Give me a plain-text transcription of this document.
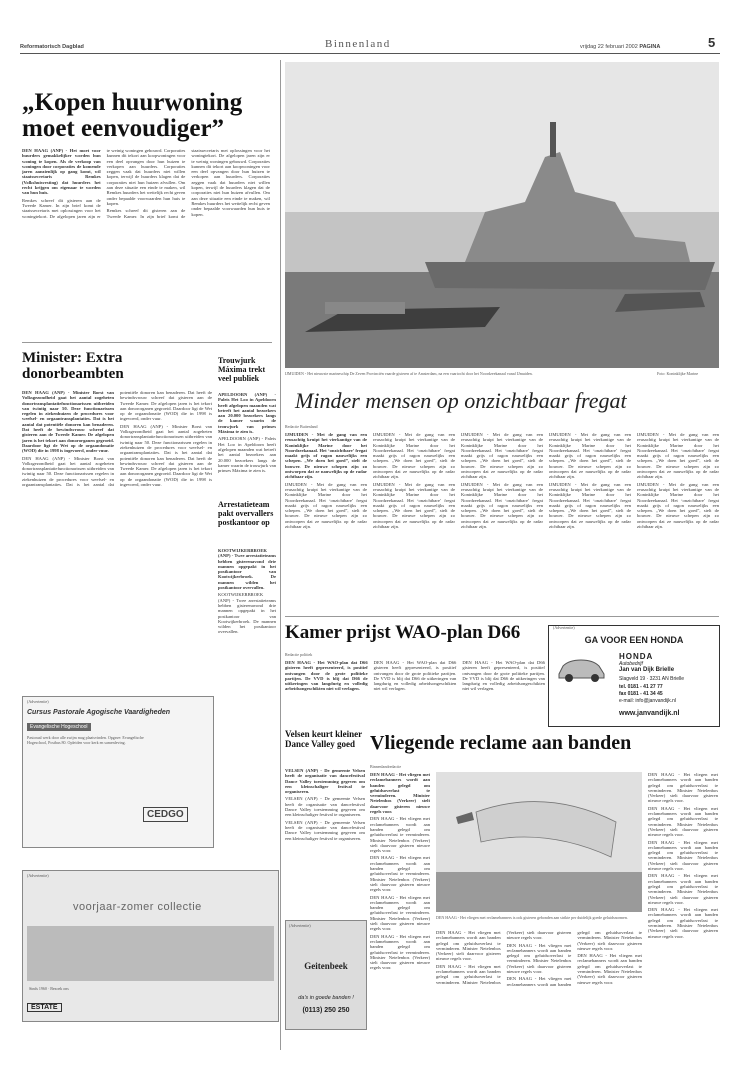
Reformatorisch Dagblad	Binnenland	vrijdag 22 februari 2002 PAGINA	5
„Kopen huurwoning moet eenvoudiger”

DEN HAAG (ANP) - Het moet voor huurders gemakkelijker worden hun woning te kopen. Als de verkoop van woningen door corporaties de komende jaren aanzienlijk op gang komt, wil staatssecretaris Remkes (Volkshuisvesting) dat huurders het recht krijgen om eigenaar te worden van hun huis.

Remkes schreef dit gisteren aan de Tweede Kamer. In zijn brief komt de staatssecretaris met oplossingen voor het woningtekort. De afgelopen jaren zijn er te weinig woningen gebouwd. Corporaties kunnen dit tekort aan koopwoningen voor een deel opvangen door hun huizen te verkopen aan huurders. Corporaties zeggen vaak dat huurders niet willen kopen, terwijl de huurders klagen dat de corporaties niet hun huizen afvullen. Om aan deze situatie een einde te maken, wil Remkes huurders het wettelijk recht geven onder bepaalde voorwaarden hun huis te kopen.

Remkes schreef dit gisteren aan de Tweede Kamer. In zijn brief komt de staatssecretaris met oplossingen voor het woningtekort. De afgelopen jaren zijn er te weinig woningen gebouwd. Corporaties kunnen dit tekort aan koopwoningen voor een deel opvangen door hun huizen te verkopen aan huurders. Corporaties zeggen vaak dat huurders niet willen kopen, terwijl de huurders klagen dat de corporaties niet hun huizen afvullen. Om aan deze situatie een einde te maken, wil Remkes huurders het wettelijk recht geven onder bepaalde voorwaarden hun huis te kopen.

Minister: Extra donorbeambten

DEN HAAG (ANP) - Minister Borst van Volksgezondheid gaat het aantal zogeheten donortransplantatiefunctionarissen uitbreiden van twintig naar 50. Deze functionarissen regelen in ziekenhuizen de procedures voor weefsel- en orgaantransplantaties. Dat is het aantal dat potentiële donoren kan benaderen. Dat heeft de bewindsvrouw schreef dat gisteren aan de Tweede Kamer. De afgelopen jaren is het tekort aan donororganen gegroeid. Daardoor ligt de Wet op de orgaandonatie (WOD) die in 1998 is ingevoerd, onder vuur.

DEN HAAG (ANP) - Minister Borst van Volksgezondheid gaat het aantal zogeheten donortransplantatiefunctionarissen uitbreiden van twintig naar 50. Deze functionarissen regelen in ziekenhuizen de procedures voor weefsel- en orgaantransplantaties. Dat is het aantal dat potentiële donoren kan benaderen. Dat heeft de bewindsvrouw schreef dat gisteren aan de Tweede Kamer. De afgelopen jaren is het tekort aan donororganen gegroeid. Daardoor ligt de Wet op de orgaandonatie (WOD) die in 1998 is ingevoerd, onder vuur.

DEN HAAG (ANP) - Minister Borst van Volksgezondheid gaat het aantal zogeheten donortransplantatiefunctionarissen uitbreiden van twintig naar 50. Deze functionarissen regelen in ziekenhuizen de procedures voor weefsel- en orgaantransplantaties. Dat is het aantal dat potentiële donoren kan benaderen. Dat heeft de bewindsvrouw schreef dat gisteren aan de Tweede Kamer. De afgelopen jaren is het tekort aan donororganen gegroeid. Daardoor ligt de Wet op de orgaandonatie (WOD) die in 1998 is ingevoerd, onder vuur.

Trouwjurk Máxima trekt veel publiek

APELDOORN (ANP) - Paleis Het Loo in Apeldoorn heeft afgelopen maanden wat betreft het aantal bezoekers aan 20.000 bezoekers langs de kamer waarin de trouwjurk van prinses Máxima te zien is.

APELDOORN (ANP) - Paleis Het Loo in Apeldoorn heeft afgelopen maanden wat betreft het aantal bezoekers aan 20.000 bezoekers langs de kamer waarin de trouwjurk van prinses Máxima te zien is.

Arrestatieteam pakt overvallers postkantoor op

KOOTWIJKERBROEK (ANP) - Twee arrestatieteams hebben gisterenavond drie mannen opgepakt in het postkantoor van Kootwijkerbroek. De mannen wilden het postkantoor overvallen.

KOOTWIJKERBROEK (ANP) - Twee arrestatieteams hebben gisterenavond drie mannen opgepakt in het postkantoor van Kootwijkerbroek. De mannen wilden het postkantoor overvallen.

(Advertentie)
Cursus Pastorale Agogische Vaardigheden
Evangelische Hogeschool
Pastoraal werk door alle zwijm mag plaatsvinden. Opgave: Evangelische Hogeschool, Postbus 80. Opleiden voor kerk en samenleving.
CEDGO
(Advertentie)
voorjaar-zomer collectie
Sinds 1960 · Bezoek ons
ESTATE
IJMUIDEN - Het nieuwste marineschip De Zeven Provinciën vaarde gisteren af te Amsterdam, na een vaartocht door het Noordzeekanaal vanaf IJmuiden.	Foto: Koninklijke Marine
Minder mensen op onzichtbaar fregat
Redactie Buitenland

IJMUIDEN - Met de gang van een reusachtig kruipt het vierkantige van de Koninklijke Marine door het Noordzeekanaal. Het ‘onzichtbare’ fregat maakt grijs of ragon nauwelijks een schepen. „We doen het goed”, stelt de bouwer. De nieuwe schepen zijn zo ontworpen dat ze nauwelijks op de radar zichtbaar zijn.

IJMUIDEN - Met de gang van een reusachtig kruipt het vierkantige van de Koninklijke Marine door het Noordzeekanaal. Het ‘onzichtbare’ fregat maakt grijs of ragon nauwelijks een schepen. „We doen het goed”, stelt de bouwer. De nieuwe schepen zijn zo ontworpen dat ze nauwelijks op de radar zichtbaar zijn.

IJMUIDEN - Met de gang van een reusachtig kruipt het vierkantige van de Koninklijke Marine door het Noordzeekanaal. Het ‘onzichtbare’ fregat maakt grijs of ragon nauwelijks een schepen. „We doen het goed”, stelt de bouwer. De nieuwe schepen zijn zo ontworpen dat ze nauwelijks op de radar zichtbaar zijn.

IJMUIDEN - Met de gang van een reusachtig kruipt het vierkantige van de Koninklijke Marine door het Noordzeekanaal. Het ‘onzichtbare’ fregat maakt grijs of ragon nauwelijks een schepen. „We doen het goed”, stelt de bouwer. De nieuwe schepen zijn zo ontworpen dat ze nauwelijks op de radar zichtbaar zijn.

IJMUIDEN - Met de gang van een reusachtig kruipt het vierkantige van de Koninklijke Marine door het Noordzeekanaal. Het ‘onzichtbare’ fregat maakt grijs of ragon nauwelijks een schepen. „We doen het goed”, stelt de bouwer. De nieuwe schepen zijn zo ontworpen dat ze nauwelijks op de radar zichtbaar zijn.

IJMUIDEN - Met de gang van een reusachtig kruipt het vierkantige van de Koninklijke Marine door het Noordzeekanaal. Het ‘onzichtbare’ fregat maakt grijs of ragon nauwelijks een schepen. „We doen het goed”, stelt de bouwer. De nieuwe schepen zijn zo ontworpen dat ze nauwelijks op de radar zichtbaar zijn.

IJMUIDEN - Met de gang van een reusachtig kruipt het vierkantige van de Koninklijke Marine door het Noordzeekanaal. Het ‘onzichtbare’ fregat maakt grijs of ragon nauwelijks een schepen. „We doen het goed”, stelt de bouwer. De nieuwe schepen zijn zo ontworpen dat ze nauwelijks op de radar zichtbaar zijn.

IJMUIDEN - Met de gang van een reusachtig kruipt het vierkantige van de Koninklijke Marine door het Noordzeekanaal. Het ‘onzichtbare’ fregat maakt grijs of ragon nauwelijks een schepen. „We doen het goed”, stelt de bouwer. De nieuwe schepen zijn zo ontworpen dat ze nauwelijks op de radar zichtbaar zijn.

IJMUIDEN - Met de gang van een reusachtig kruipt het vierkantige van de Koninklijke Marine door het Noordzeekanaal. Het ‘onzichtbare’ fregat maakt grijs of ragon nauwelijks een schepen. „We doen het goed”, stelt de bouwer. De nieuwe schepen zijn zo ontworpen dat ze nauwelijks op de radar zichtbaar zijn.

IJMUIDEN - Met de gang van een reusachtig kruipt het vierkantige van de Koninklijke Marine door het Noordzeekanaal. Het ‘onzichtbare’ fregat maakt grijs of ragon nauwelijks een schepen. „We doen het goed”, stelt de bouwer. De nieuwe schepen zijn zo ontworpen dat ze nauwelijks op de radar zichtbaar zijn.

Kamer prijst WAO-plan D66
Redactie politiek

DEN HAAG - Het WAO-plan dat D66 gisteren heeft gepresenteerd, is positief ontvangen door de grote politieke partijen. De VVD is blij dat D66 de uitkeringen van langdurig en volledig arbeidsongeschikten niet wil verlagen.

DEN HAAG - Het WAO-plan dat D66 gisteren heeft gepresenteerd, is positief ontvangen door de grote politieke partijen. De VVD is blij dat D66 de uitkeringen van langdurig en volledig arbeidsongeschikten niet wil verlagen.

DEN HAAG - Het WAO-plan dat D66 gisteren heeft gepresenteerd, is positief ontvangen door de grote politieke partijen. De VVD is blij dat D66 de uitkeringen van langdurig en volledig arbeidsongeschikten niet wil verlagen.

Velsen keurt kleiner Dance Valley goed

VELSEN (ANP) - De gemeente Velsen heeft de organisatie van dancefestival Dance Valley toestemming gegeven om een kleinschaliger festival te organiseren.

VELSEN (ANP) - De gemeente Velsen heeft de organisatie van dancefestival Dance Valley toestemming gegeven om een kleinschaliger festival te organiseren.

VELSEN (ANP) - De gemeente Velsen heeft de organisatie van dancefestival Dance Valley toestemming gegeven om een kleinschaliger festival te organiseren.

(Advertentie)
GA VOOR EEN HONDA
HONDA
Autobedrijf
Jan van Dijk Brielle
Slagveld 19 · 3231 AN Brielle
tel. 0181 - 41 27 77
fax 0181 - 41 34 45
e-mail: info@janvandijk.nl
www.janvandijk.nl
Vliegende reclame aan banden
Binnenlandredactie

DEN HAAG - Het vliegen met reclamebanners wordt aan banden gelegd om geluidsoverlast te verminderen. Minister Netelenbos (Verkeer) stelt daarvoor gisteren nieuwe regels voor.

DEN HAAG - Het vliegen met reclamebanners wordt aan banden gelegd om geluidsoverlast te verminderen. Minister Netelenbos (Verkeer) stelt daarvoor gisteren nieuwe regels voor.

DEN HAAG - Het vliegen met reclamebanners wordt aan banden gelegd om geluidsoverlast te verminderen. Minister Netelenbos (Verkeer) stelt daarvoor gisteren nieuwe regels voor.

DEN HAAG - Het vliegen met reclamebanners wordt aan banden gelegd om geluidsoverlast te verminderen. Minister Netelenbos (Verkeer) stelt daarvoor gisteren nieuwe regels voor.

DEN HAAG - Het vliegen met reclamebanners wordt aan banden gelegd om geluidsoverlast te verminderen. Minister Netelenbos (Verkeer) stelt daarvoor gisteren nieuwe regels voor.

DEN HAAG - Het vliegen met reclamebanners is ook gisteren gebonden aan strikte per duidelijk goede geluidsnormen.

DEN HAAG - Het vliegen met reclamebanners wordt aan banden gelegd om geluidsoverlast te verminderen. Minister Netelenbos (Verkeer) stelt daarvoor gisteren nieuwe regels voor.

DEN HAAG - Het vliegen met reclamebanners wordt aan banden gelegd om geluidsoverlast te verminderen. Minister Netelenbos (Verkeer) stelt daarvoor gisteren nieuwe regels voor.

DEN HAAG - Het vliegen met reclamebanners wordt aan banden gelegd om geluidsoverlast te verminderen. Minister Netelenbos (Verkeer) stelt daarvoor gisteren nieuwe regels voor.

DEN HAAG - Het vliegen met reclamebanners wordt aan banden gelegd om geluidsoverlast te verminderen. Minister Netelenbos (Verkeer) stelt daarvoor gisteren nieuwe regels voor.

DEN HAAG - Het vliegen met reclamebanners wordt aan banden gelegd om geluidsoverlast te verminderen. Minister Netelenbos (Verkeer) stelt daarvoor gisteren nieuwe regels voor.

DEN HAAG - Het vliegen met reclamebanners wordt aan banden gelegd om geluidsoverlast te verminderen. Minister Netelenbos (Verkeer) stelt daarvoor gisteren nieuwe regels voor.

DEN HAAG - Het vliegen met reclamebanners wordt aan banden gelegd om geluidsoverlast te verminderen. Minister Netelenbos (Verkeer) stelt daarvoor gisteren nieuwe regels voor.

DEN HAAG - Het vliegen met reclamebanners wordt aan banden gelegd om geluidsoverlast te verminderen. Minister Netelenbos (Verkeer) stelt daarvoor gisteren nieuwe regels voor.

DEN HAAG - Het vliegen met reclamebanners wordt aan banden gelegd om geluidsoverlast te verminderen. Minister Netelenbos (Verkeer) stelt daarvoor gisteren nieuwe regels voor.

DEN HAAG - Het vliegen met reclamebanners wordt aan banden gelegd om geluidsoverlast te verminderen. Minister Netelenbos (Verkeer) stelt daarvoor gisteren nieuwe regels voor.

(Advertentie)
Geitenbeek
da's in goede banden !
(0113) 250 250
